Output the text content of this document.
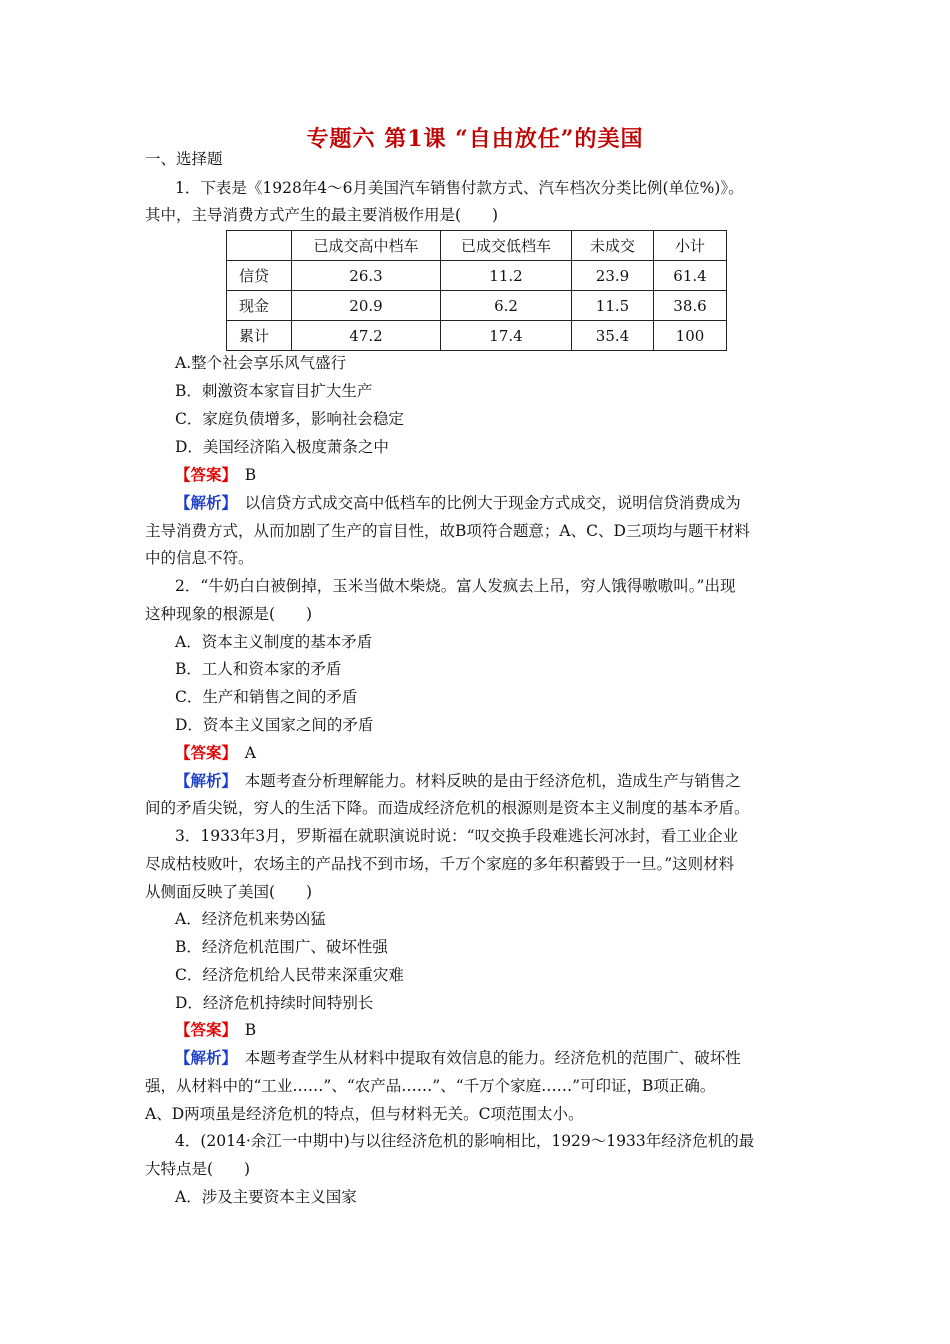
专题六 第1课 “自由放任”的美国
一、选择题
1．下表是《1928年4～6月美国汽车销售付款方式、汽车档次分类比例(单位%)》。
其中，主导消费方式产生的最主要消极作用是(　　)
	已成交高中档车	已成交低档车	未成交	小计
信贷	26.3	11.2	23.9	61.4
现金	20.9	6.2	11.5	38.6
累计	47.2	17.4	35.4	100
A.整个社会享乐风气盛行
B．刺激资本家盲目扩大生产
C．家庭负债增多，影响社会稳定
D．美国经济陷入极度萧条之中
【答案】　B
【解析】　以信贷方式成交高中低档车的比例大于现金方式成交，说明信贷消费成为
主导消费方式，从而加剧了生产的盲目性，故B项符合题意；A、C、D三项均与题干材料
中的信息不符。
2．“牛奶白白被倒掉，玉米当做木柴烧。富人发疯去上吊，穷人饿得嗷嗷叫。”出现
这种现象的根源是(　　)
A．资本主义制度的基本矛盾
B．工人和资本家的矛盾
C．生产和销售之间的矛盾
D．资本主义国家之间的矛盾
【答案】　A
【解析】　本题考查分析理解能力。材料反映的是由于经济危机，造成生产与销售之
间的矛盾尖锐，穷人的生活下降。而造成经济危机的根源则是资本主义制度的基本矛盾。
3．1933年3月，罗斯福在就职演说时说：“叹交换手段难逃长河冰封，看工业企业
尽成枯枝败叶，农场主的产品找不到市场，千万个家庭的多年积蓄毁于一旦。”这则材料
从侧面反映了美国(　　)
A．经济危机来势凶猛
B．经济危机范围广、破坏性强
C．经济危机给人民带来深重灾难
D．经济危机持续时间特别长
【答案】　B
【解析】　本题考查学生从材料中提取有效信息的能力。经济危机的范围广、破坏性
强，从材料中的“工业……”、“农产品……”、“千万个家庭……”可印证，B项正确。
A、D两项虽是经济危机的特点，但与材料无关。C项范围太小。
4．(2014·余江一中期中)与以往经济危机的影响相比，1929～1933年经济危机的最
大特点是(　　)
A．涉及主要资本主义国家
